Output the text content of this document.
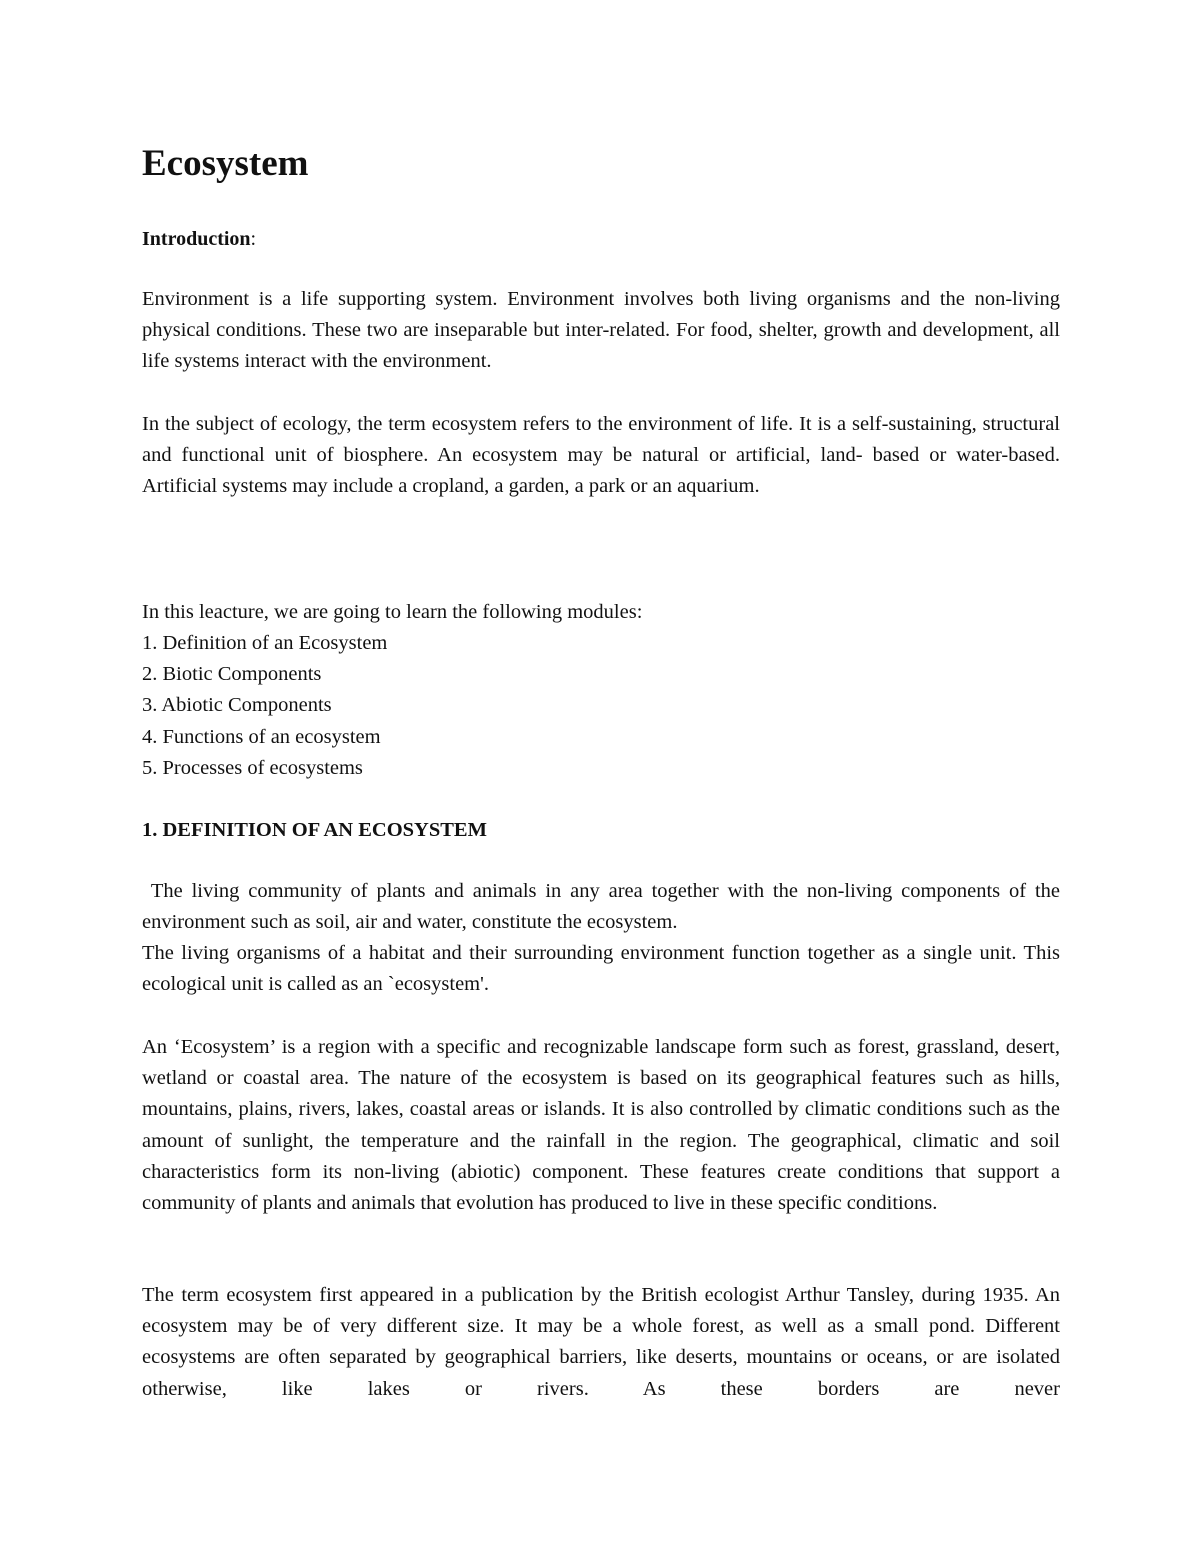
Ecosystem
Introduction:

Environment is a life supporting system. Environment involves both living organisms and the non-living physical conditions. These two are inseparable but inter-related. For food, shelter, growth and development, all life systems interact with the environment.

In the subject of ecology, the term ecosystem refers to the environment of life. It is a self-sustaining, structural and functional unit of biosphere. An ecosystem may be natural or artificial, land- based or water-based. Artificial systems may include a cropland, a garden, a park or an aquarium.

In this leacture, we are going to learn the following modules:

1. Definition of an Ecosystem
2. Biotic Components
3. Abiotic Components
4. Functions of an ecosystem
5. Processes of ecosystems
1. DEFINITION OF AN ECOSYSTEM

The living community of plants and animals in any area together with the non-living components of the environment such as soil, air and water, constitute the ecosystem.

The living organisms of a habitat and their surrounding environment function together as a single unit. This ecological unit is called as an `ecosystem'.

An ‘Ecosystem’ is a region with a specific and recognizable landscape form such as forest, grassland, desert, wetland or coastal area. The nature of the ecosystem is based on its geographical features such as hills, mountains, plains, rivers, lakes, coastal areas or islands. It is also controlled by climatic conditions such as the amount of sunlight, the temperature and the rainfall in the region. The geographical, climatic and soil characteristics form its non-living (abiotic) component. These features create conditions that support a community of plants and animals that evolution has produced to live in these specific conditions.

The term ecosystem first appeared in a publication by the British ecologist Arthur Tansley, during 1935. An ecosystem may be of very different size. It may be a whole forest, as well as a small pond. Different ecosystems are often separated by geographical barriers, like deserts, mountains or oceans, or are isolated otherwise, like lakes or rivers. As these borders are never
